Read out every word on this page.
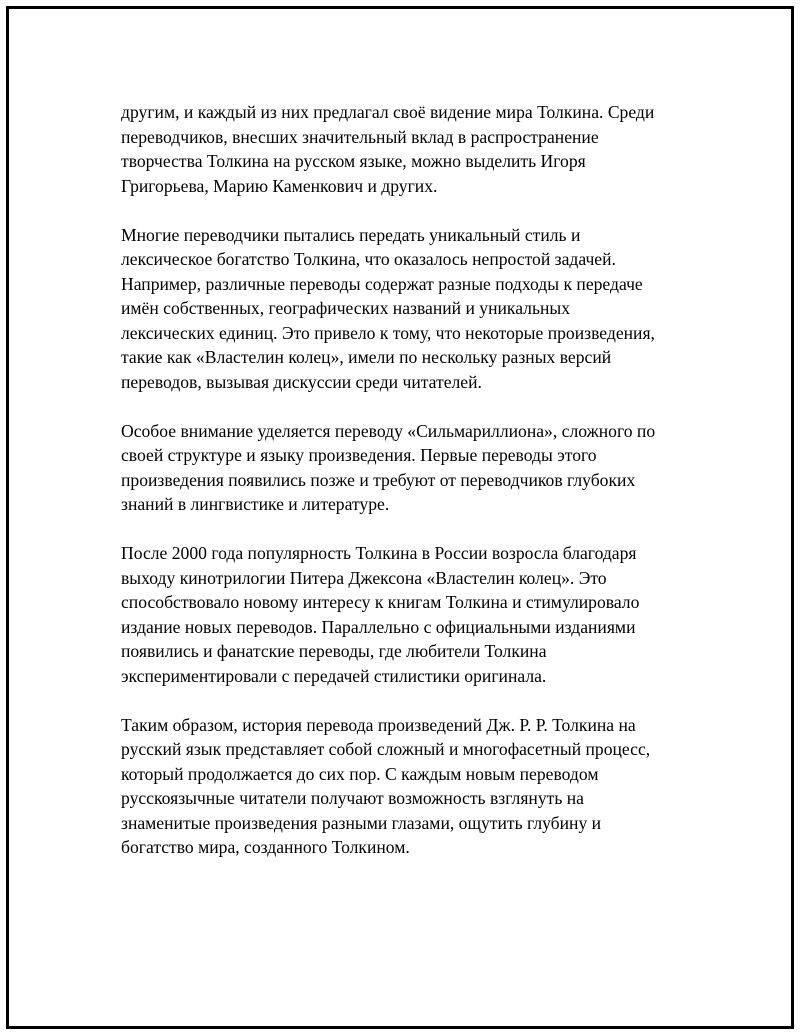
другим, и каждый из них предлагал своё видение мира Толкина. Среди
переводчиков, внесших значительный вклад в распространение
творчества Толкина на русском языке, можно выделить Игоря
Григорьева, Марию Каменкович и других.

Многие переводчики пытались передать уникальный стиль и
лексическое богатство Толкина, что оказалось непростой задачей.
Например, различные переводы содержат разные подходы к передаче
имён собственных, географических названий и уникальных
лексических единиц. Это привело к тому, что некоторые произведения,
такие как «Властелин колец», имели по нескольку разных версий
переводов, вызывая дискуссии среди читателей.

Особое внимание уделяется переводу «Сильмариллиона», сложного по
своей структуре и языку произведения. Первые переводы этого
произведения появились позже и требуют от переводчиков глубоких
знаний в лингвистике и литературе.

После 2000 года популярность Толкина в России возросла благодаря
выходу кинотрилогии Питера Джексона «Властелин колец». Это
способствовало новому интересу к книгам Толкина и стимулировало
издание новых переводов. Параллельно с официальными изданиями
появились и фанатские переводы, где любители Толкина
экспериментировали с передачей стилистики оригинала.

Таким образом, история перевода произведений Дж. Р. Р. Толкина на
русский язык представляет собой сложный и многофасетный процесс,
который продолжается до сих пор. С каждым новым переводом
русскоязычные читатели получают возможность взглянуть на
знаменитые произведения разными глазами, ощутить глубину и
богатство мира, созданного Толкином.
